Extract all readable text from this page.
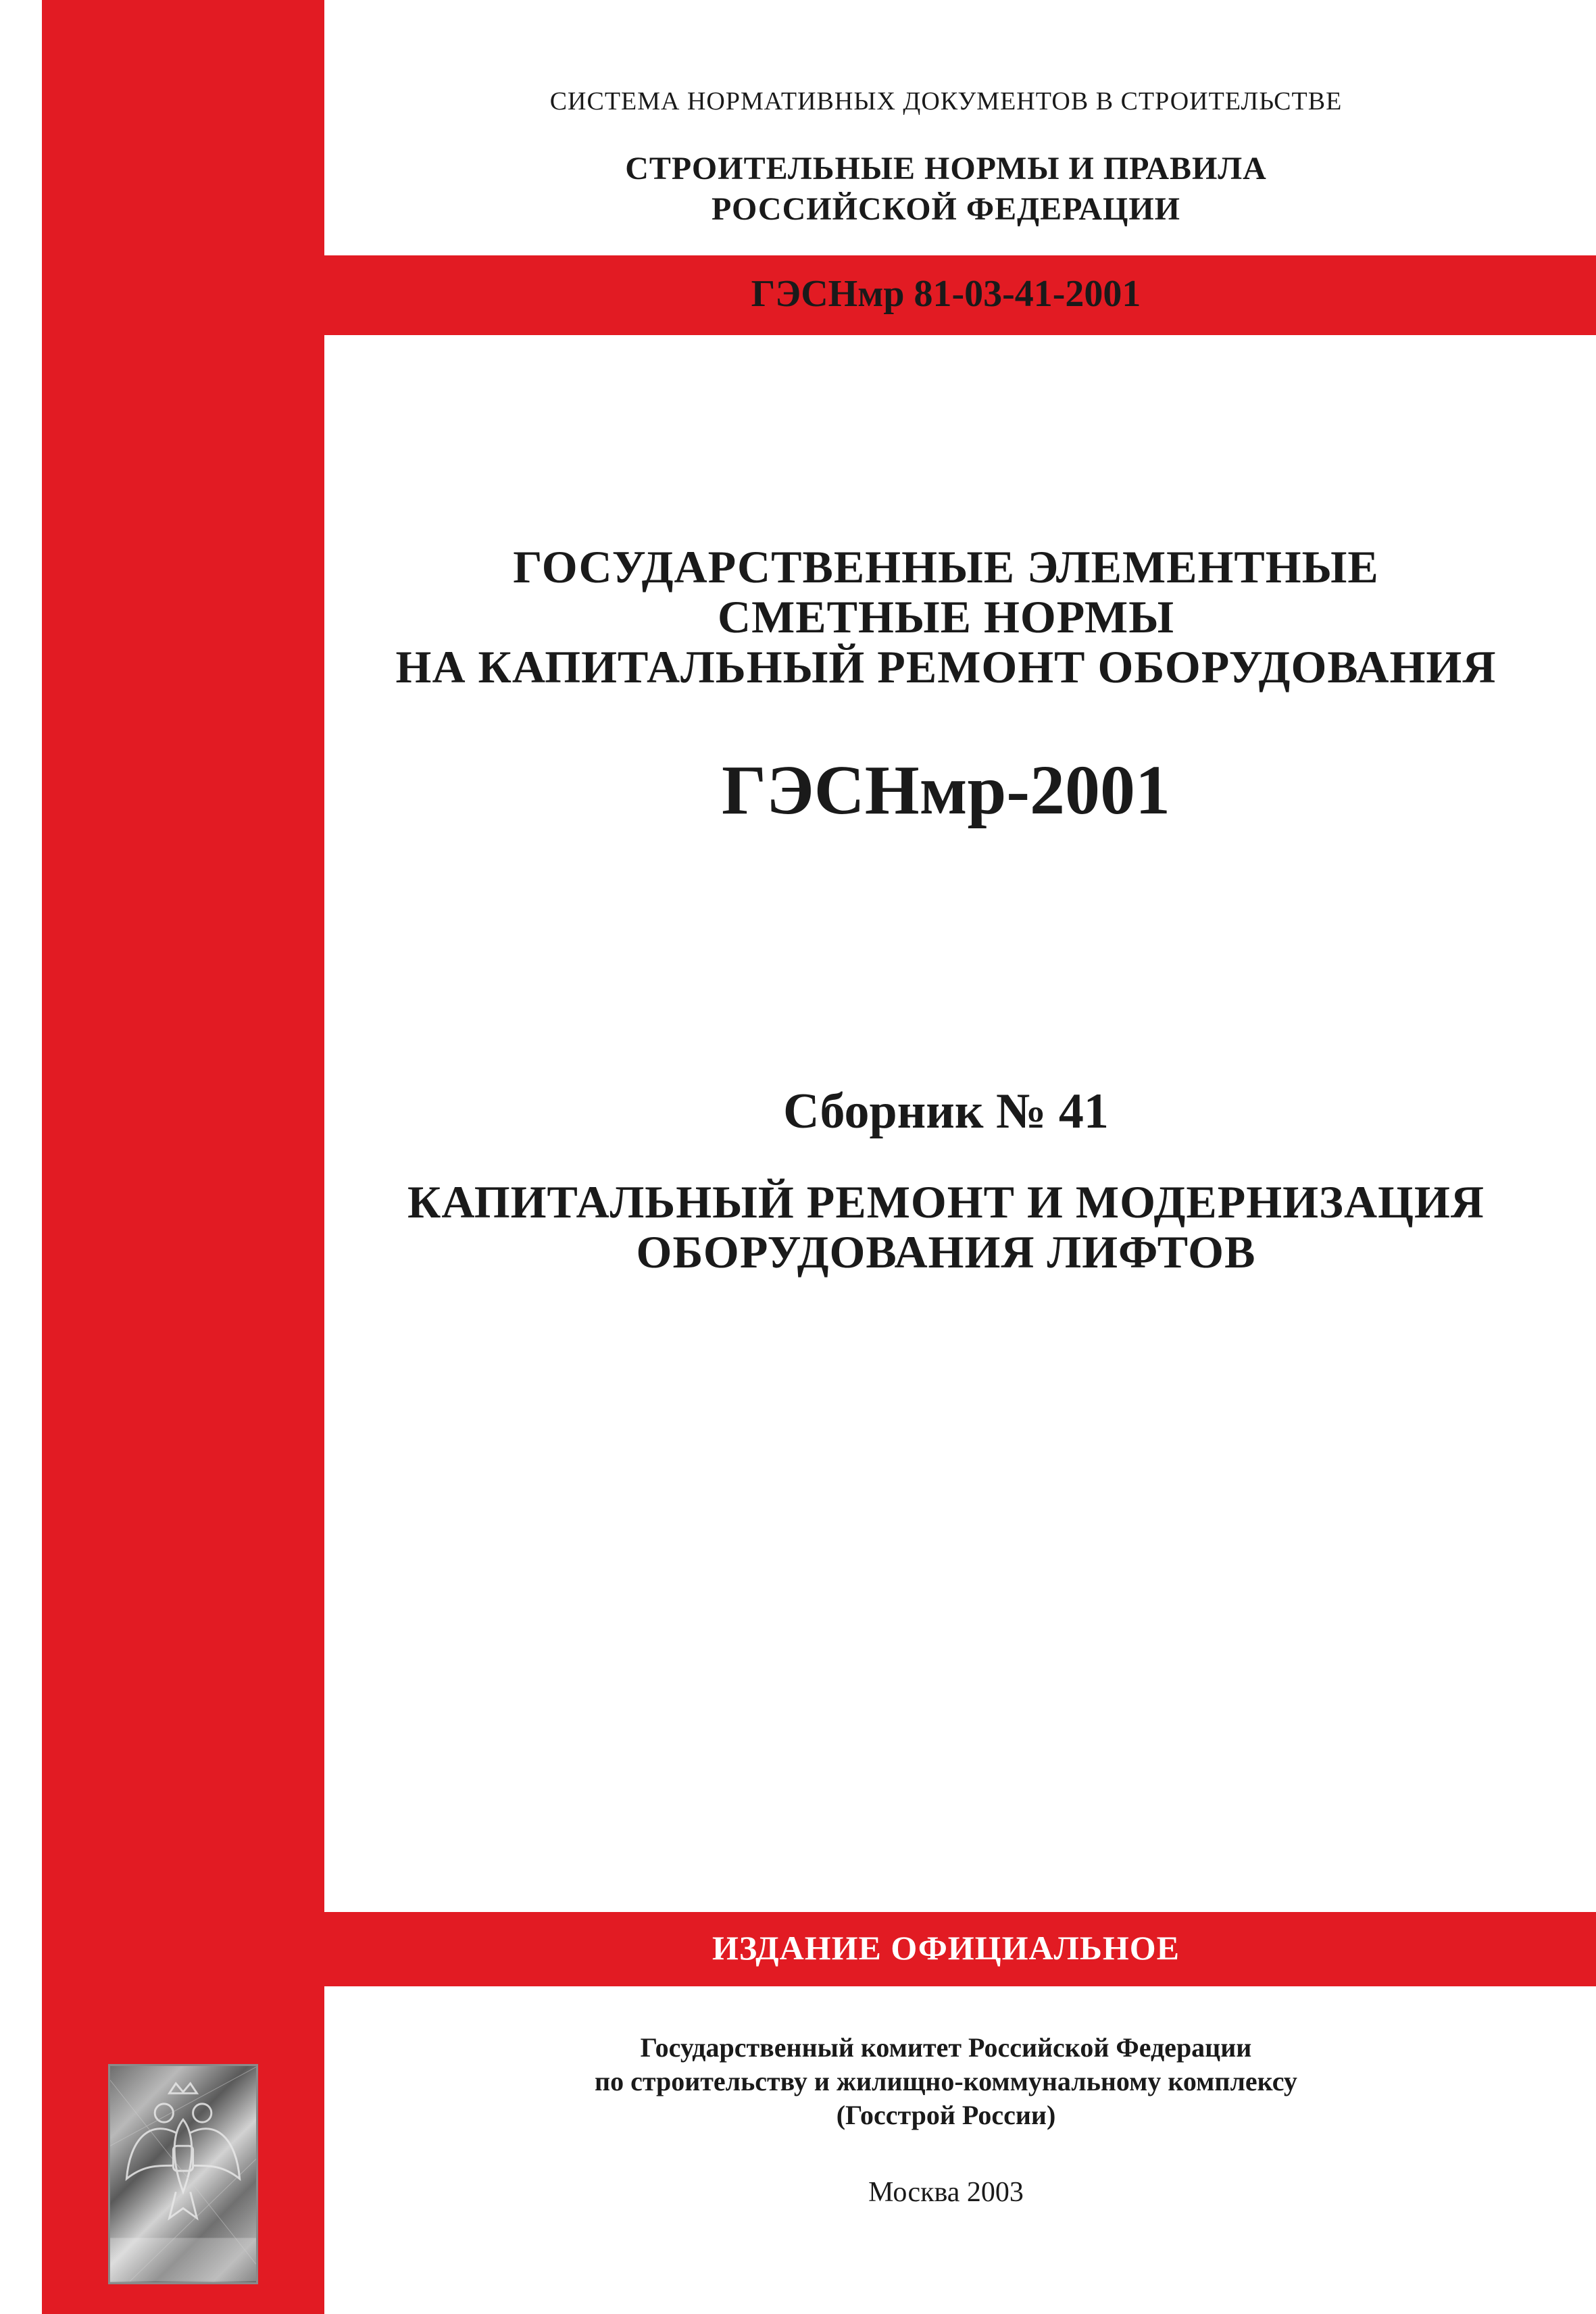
СИСТЕМА НОРМАТИВНЫХ ДОКУМЕНТОВ В СТРОИТЕЛЬСТВЕ
СТРОИТЕЛЬНЫЕ НОРМЫ И ПРАВИЛА
РОССИЙСКОЙ ФЕДЕРАЦИИ
ГЭСНмр 81-03-41-2001
ГОСУДАРСТВЕННЫЕ ЭЛЕМЕНТНЫЕ
СМЕТНЫЕ НОРМЫ
НА КАПИТАЛЬНЫЙ РЕМОНТ ОБОРУДОВАНИЯ
ГЭСНмр-2001
Сборник № 41
КАПИТАЛЬНЫЙ РЕМОНТ И МОДЕРНИЗАЦИЯ
ОБОРУДОВАНИЯ ЛИФТОВ
ИЗДАНИЕ ОФИЦИАЛЬНОЕ
Государственный комитет Российской Федерации
по строительству и жилищно-коммунальному комплексу
(Госстрой России)
Москва 2003
